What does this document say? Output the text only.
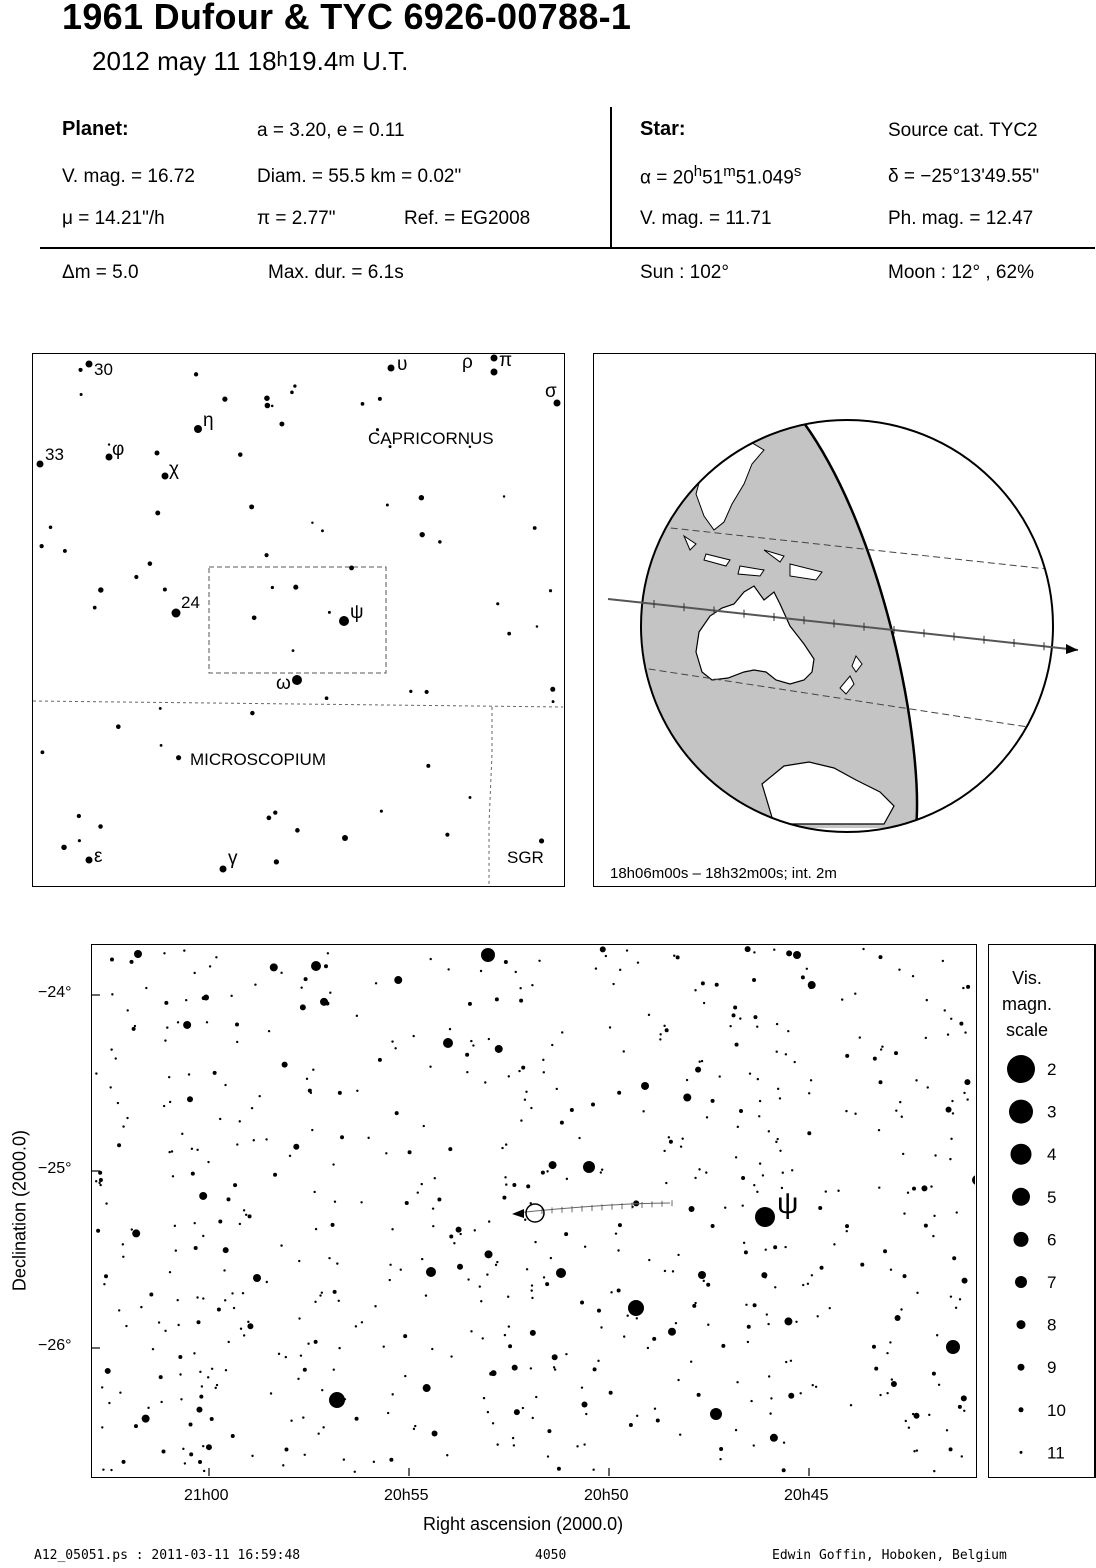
1961 Dufour & TYC 6926-00788-1
2012 may 11 18$^h$19.4$^m$ U.T.
Planet:	a = 3.20, e = 0.11
V. mag. = 16.72	Diam. = 55.5 km = 0.02"
μ = 14.21"/h	π = 2.77"	Ref. = EG2008
Star:	Source cat. TYC2
$\alpha = 20^h51^m51.049^s$	δ = −25°13'49.55"
V. mag. = 11.71	Ph. mag. = 12.47
Δm = 5.0	Max. dur. = 6.1s	Sun : 102°	Moon : 12° , 62%
CAPRICORNUS
MICROSCOPIUM
SGR
30
33
24
υ	ρ π
σ
η
φ
χ
ψ
ω
ε	γ
18h06m00s – 18h32m00s; int. 2m
ψ
−24°
−25°
−26°
21h00	20h55	20h50	20h45
Right ascension (2000.0)
Declination (2000.0)
Vis.
magn.
scale
2
3
4
5
6
7
8
9
10
11
A12_05051.ps : 2011-03-11 16:59:48	4050	Edwin Goffin, Hoboken, Belgium
